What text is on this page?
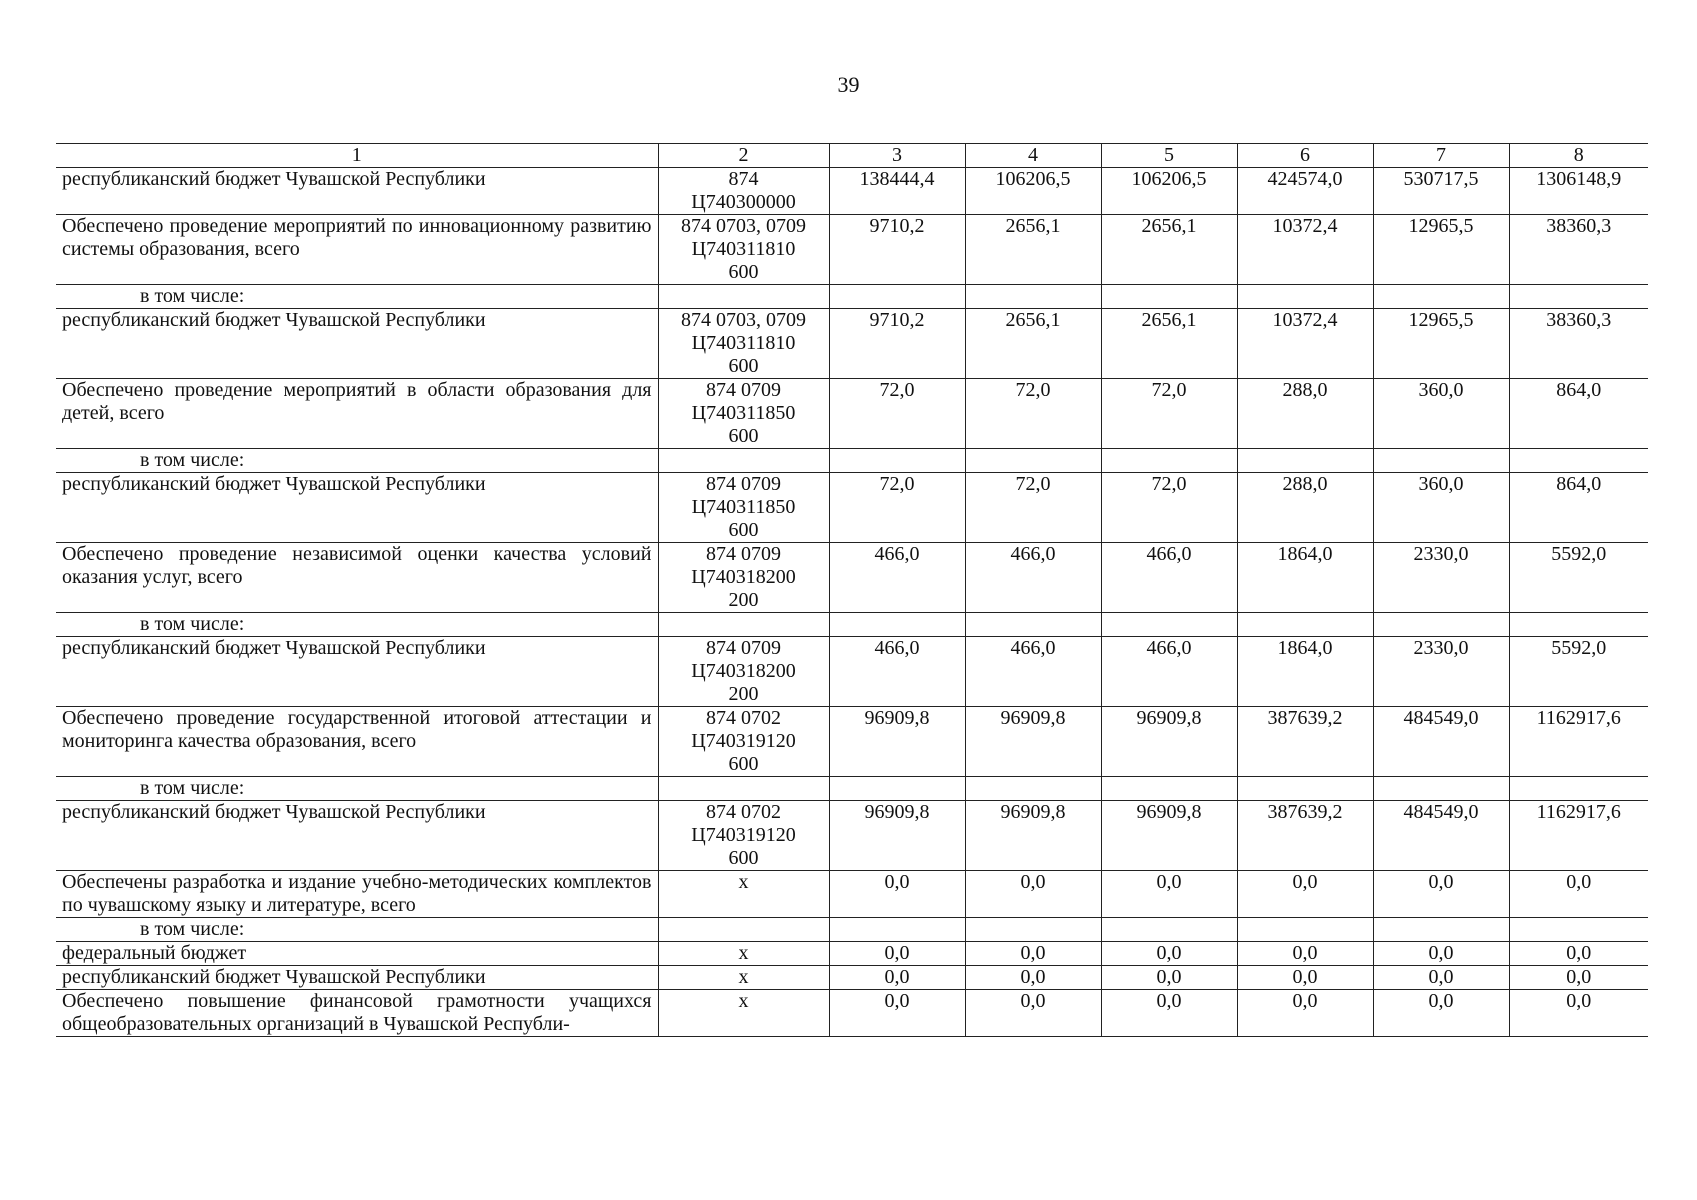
39
1	2	3	4	5	6	7	8
республиканский бюджет Чувашской Республики	874
Ц740300000	138444,4	106206,5	106206,5	424574,0	530717,5	1306148,9
Обеспечено проведение мероприятий по инновационному развитию системы образования, всего	874 0703, 0709
Ц740311810
600	9710,2	2656,1	2656,1	10372,4	12965,5	38360,3
в том числе:							
республиканский бюджет Чувашской Республики	874 0703, 0709
Ц740311810
600	9710,2	2656,1	2656,1	10372,4	12965,5	38360,3
Обеспечено проведение мероприятий в области образования для детей, всего	874 0709
Ц740311850
600	72,0	72,0	72,0	288,0	360,0	864,0
в том числе:							
республиканский бюджет Чувашской Республики	874 0709
Ц740311850
600	72,0	72,0	72,0	288,0	360,0	864,0
Обеспечено проведение независимой оценки качества условий оказания услуг, всего	874 0709
Ц740318200
200	466,0	466,0	466,0	1864,0	2330,0	5592,0
в том числе:							
республиканский бюджет Чувашской Республики	874 0709
Ц740318200
200	466,0	466,0	466,0	1864,0	2330,0	5592,0
Обеспечено проведение государственной итоговой аттестации и мониторинга качества образования, всего	874 0702
Ц740319120
600	96909,8	96909,8	96909,8	387639,2	484549,0	1162917,6
в том числе:							
республиканский бюджет Чувашской Республики	874 0702
Ц740319120
600	96909,8	96909,8	96909,8	387639,2	484549,0	1162917,6
Обеспечены разработка и издание учебно-методических комплектов по чувашскому языку и литературе, всего	х	0,0	0,0	0,0	0,0	0,0	0,0
в том числе:							
федеральный бюджет	х	0,0	0,0	0,0	0,0	0,0	0,0
республиканский бюджет Чувашской Республики	х	0,0	0,0	0,0	0,0	0,0	0,0
Обеспечено повышение финансовой грамотности учащихся общеобразовательных организаций в Чувашской Республи-	х	0,0	0,0	0,0	0,0	0,0	0,0
